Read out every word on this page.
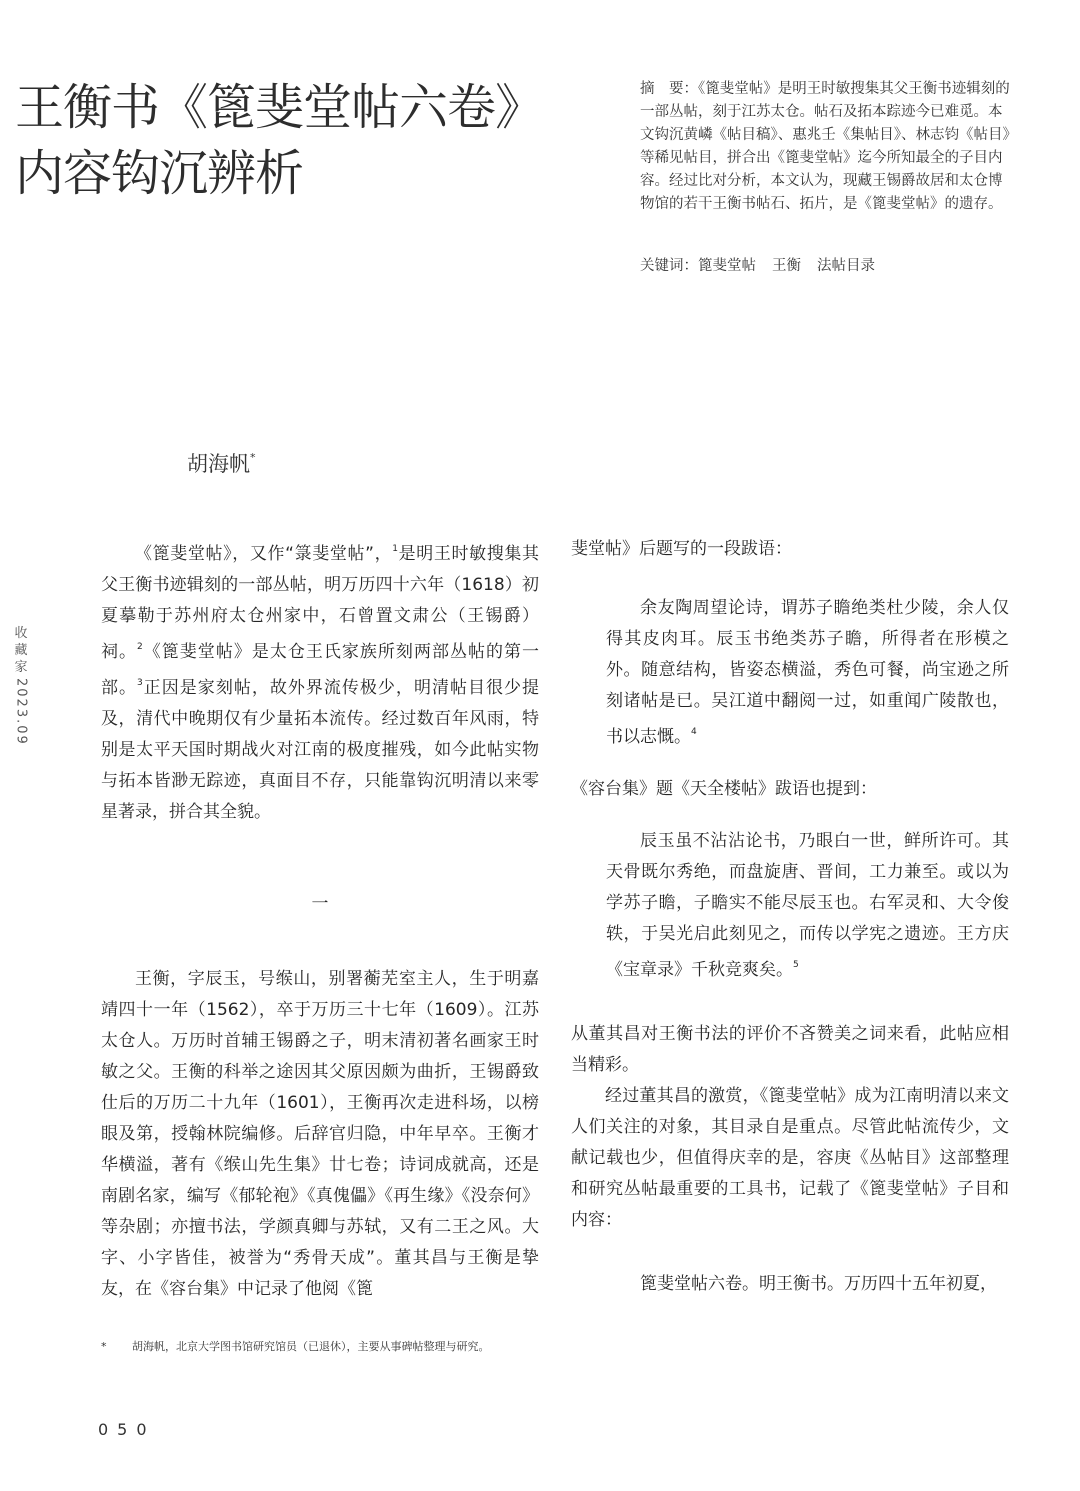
王衡书《篦斐堂帖六卷》
内容钩沉辨析

摘　要：《篦斐堂帖》是明王时敏搜集其父王衡书迹辑刻的一部丛帖，刻于江苏太仓。帖石及拓本踪迹今已难觅。本文钩沉黄嶙《帖目稿》、惠兆壬《集帖目》、林志钧《帖目》等稀见帖目，拼合出《篦斐堂帖》迄今所知最全的子目内容。经过比对分析，本文认为，现藏王锡爵故居和太仓博物馆的若干王衡书帖石、拓片，是《篦斐堂帖》的遗存。

关键词：篦斐堂帖 王衡 法帖目录
胡海帆*
收
藏
家
2023.09

《篦斐堂帖》，又作“箓斐堂帖”，$^1$是明王时敏搜集其父王衡书迹辑刻的一部丛帖，明万历四十六年（1618）初夏摹勒于苏州府太仓州家中，石曾置文肃公（王锡爵）祠。$^2$《篦斐堂帖》是太仓王氏家族所刻两部丛帖的第一部。$^3$正因是家刻帖，故外界流传极少，明清帖目很少提及，清代中晚期仅有少量拓本流传。经过数百年风雨，特别是太平天国时期战火对江南的极度摧残，如今此帖实物与拓本皆渺无踪迹，真面目不存，只能靠钩沉明清以来零星著录，拼合其全貌。

一

王衡，字辰玉，号缑山，别署蘅芜室主人，生于明嘉靖四十一年（1562），卒于万历三十七年（1609）。江苏太仓人。万历时首辅王锡爵之子，明末清初著名画家王时敏之父。王衡的科举之途因其父原因颇为曲折，王锡爵致仕后的万历二十九年（1601），王衡再次走进科场，以榜眼及第，授翰林院编修。后辞官归隐，中年早卒。王衡才华横溢，著有《缑山先生集》廿七卷；诗词成就高，还是南剧名家，编写《郁轮袍》《真傀儡》《再生缘》《没奈何》等杂剧；亦擅书法，学颜真卿与苏轼，又有二王之风。大字、小字皆佳，被誉为“秀骨天成”。董其昌与王衡是挚友，在《容台集》中记录了他阅《篦

斐堂帖》后题写的一段跋语：

余友陶周望论诗，谓苏子瞻绝类杜少陵，余人仅得其皮肉耳。辰玉书绝类苏子瞻，所得者在形模之外。随意结构，皆姿态横溢，秀色可餐，尚宝逊之所刻诸帖是已。吴江道中翻阅一过，如重闻广陵散也，书以志慨。$^4$

《容台集》题《天全楼帖》跋语也提到：

辰玉虽不沾沾论书，乃眼白一世，鲜所许可。其天骨既尔秀绝，而盘旋唐、晋间，工力兼至。或以为学苏子瞻，子瞻实不能尽辰玉也。右军灵和、大令俊轶，于吴光启此刻见之，而传以学宪之遗迹。王方庆《宝章录》千秋竞爽矣。$^5$

从董其昌对王衡书法的评价不吝赞美之词来看，此帖应相当精彩。

经过董其昌的激赏，《篦斐堂帖》成为江南明清以来文人们关注的对象，其目录自是重点。尽管此帖流传少，文献记载也少，但值得庆幸的是，容庚《丛帖目》这部整理和研究丛帖最重要的工具书，记载了《篦斐堂帖》子目和内容：

篦斐堂帖六卷。明王衡书。万历四十五年初夏，

* 胡海帆，北京大学图书馆研究馆员（已退休），主要从事碑帖整理与研究。
050
